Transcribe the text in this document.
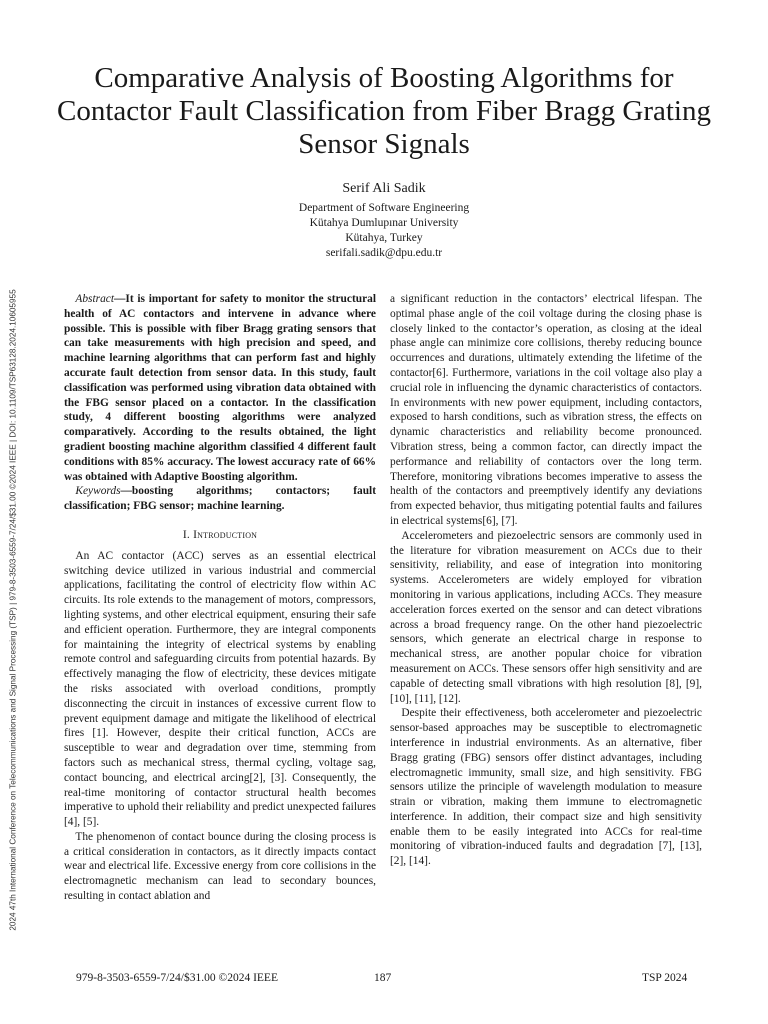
2024 47th International Conference on Telecommunications and Signal Processing (TSP) | 979-8-3503-6559-7/24/$31.00 ©2024 IEEE | DOI: 10.1109/TSP63128.2024.10605955
Comparative Analysis of Boosting Algorithms for Contactor Fault Classification from Fiber Bragg Grating Sensor Signals
Serif Ali Sadik
Department of Software Engineering
Kütahya Dumlupınar University
Kütahya, Turkey
serifali.sadik@dpu.edu.tr

Abstract—It is important for safety to monitor the structural health of AC contactors and intervene in advance where possible. This is possible with fiber Bragg grating sensors that can take measurements with high precision and speed, and machine learning algorithms that can perform fast and highly accurate fault detection from sensor data. In this study, fault classification was performed using vibration data obtained with the FBG sensor placed on a contactor. In the classification study, 4 different boosting algorithms were analyzed comparatively. According to the results obtained, the light gradient boosting machine algorithm classified 4 different fault conditions with 85% accuracy. The lowest accuracy rate of 66% was obtained with Adaptive Boosting algorithm.

Keywords—boosting algorithms; contactors; fault classification; FBG sensor; machine learning.

I. Introduction

An AC contactor (ACC) serves as an essential electrical switching device utilized in various industrial and commercial applications, facilitating the control of electricity flow within AC circuits. Its role extends to the management of motors, compressors, lighting systems, and other electrical equipment, ensuring their safe and efficient operation. Furthermore, they are integral components for maintaining the integrity of electrical systems by enabling remote control and safeguarding circuits from potential hazards. By effectively managing the flow of electricity, these devices mitigate the risks associated with overload conditions, promptly disconnecting the circuit in instances of excessive current flow to prevent equipment damage and mitigate the likelihood of electrical fires [1]. However, despite their critical function, ACCs are susceptible to wear and degradation over time, stemming from factors such as mechanical stress, thermal cycling, voltage sag, contact bouncing, and electrical arcing[2], [3]. Consequently, the real-time monitoring of contactor structural health becomes imperative to uphold their reliability and predict unexpected failures [4], [5].

The phenomenon of contact bounce during the closing process is a critical consideration in contactors, as it directly impacts contact wear and electrical life. Excessive energy from core collisions in the electromagnetic mechanism can lead to secondary bounces, resulting in contact ablation and

a significant reduction in the contactors’ electrical lifespan. The optimal phase angle of the coil voltage during the closing phase is closely linked to the contactor’s operation, as closing at the ideal phase angle can minimize core collisions, thereby reducing bounce occurrences and durations, ultimately extending the lifetime of the contactor[6]. Furthermore, variations in the coil voltage also play a crucial role in influencing the dynamic characteristics of contactors. In environments with new power equipment, including contactors, exposed to harsh conditions, such as vibration stress, the effects on dynamic characteristics and reliability become pronounced. Vibration stress, being a common factor, can directly impact the performance and reliability of contactors over the long term. Therefore, monitoring vibrations becomes imperative to assess the health of the contactors and preemptively identify any deviations from expected behavior, thus mitigating potential faults and failures in electrical systems[6], [7].

Accelerometers and piezoelectric sensors are commonly used in the literature for vibration measurement on ACCs due to their sensitivity, reliability, and ease of integration into monitoring systems. Accelerometers are widely employed for vibration monitoring in various applications, including ACCs. They measure acceleration forces exerted on the sensor and can detect vibrations across a broad frequency range. On the other hand piezoelectric sensors, which generate an electrical charge in response to mechanical stress, are another popular choice for vibration measurement on ACCs. These sensors offer high sensitivity and are capable of detecting small vibrations with high resolution [8], [9], [10], [11], [12].

Despite their effectiveness, both accelerometer and piezoelectric sensor-based approaches may be susceptible to electromagnetic interference in industrial environments. As an alternative, fiber Bragg grating (FBG) sensors offer distinct advantages, including electromagnetic immunity, small size, and high sensitivity. FBG sensors utilize the principle of wavelength modulation to measure strain or vibration, making them immune to electromagnetic interference. In addition, their compact size and high sensitivity enable them to be easily integrated into ACCs for real-time monitoring of vibration-induced faults and degradation [7], [13], [2], [14].

979-8-3503-6559-7/24/$31.00 ©2024 IEEE	187	TSP 2024
